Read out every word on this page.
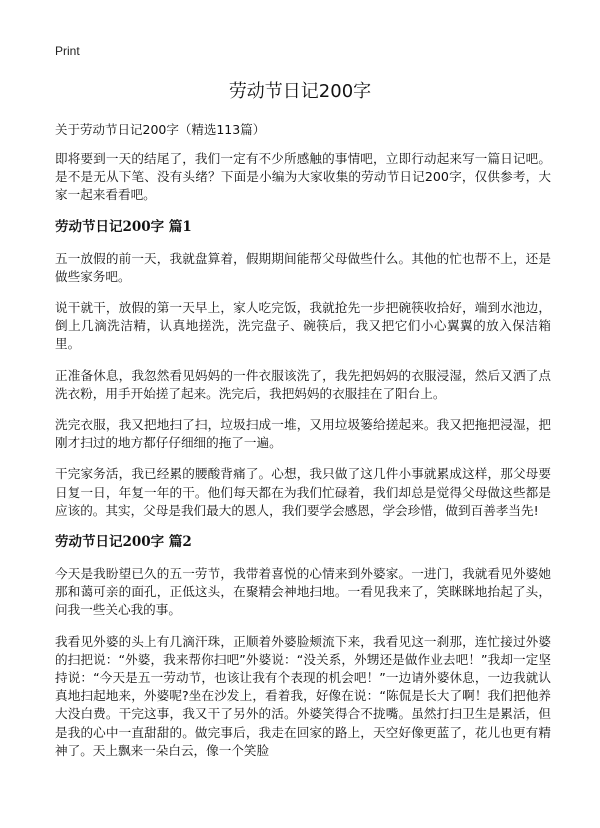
Print
劳动节日记200字
关于劳动节日记200字（精选113篇）

即将要到一天的结尾了，我们一定有不少所感触的事情吧，立即行动起来写一篇日记吧。是不是无从下笔、没有头绪？下面是小编为大家收集的劳动节日记200字，仅供参考，大家一起来看看吧。

劳动节日记200字 篇1

五一放假的前一天，我就盘算着，假期期间能帮父母做些什么。其他的忙也帮不上，还是做些家务吧。

说干就干，放假的第一天早上，家人吃完饭，我就抢先一步把碗筷收拾好，端到水池边，倒上几滴洗洁精，认真地搓洗，洗完盘子、碗筷后，我又把它们小心翼翼的放入保洁箱里。

正准备休息，我忽然看见妈妈的一件衣服该洗了，我先把妈妈的衣服浸湿，然后又洒了点洗衣粉，用手开始搓了起来。洗完后，我把妈妈的衣服挂在了阳台上。

洗完衣服，我又把地扫了扫，垃圾扫成一堆，又用垃圾篓给搓起来。我又把拖把浸湿，把刚才扫过的地方都仔仔细细的拖了一遍。

干完家务活，我已经累的腰酸背痛了。心想，我只做了这几件小事就累成这样，那父母要日复一日，年复一年的干。他们每天都在为我们忙碌着，我们却总是觉得父母做这些都是应该的。其实，父母是我们最大的恩人，我们要学会感恩，学会珍惜，做到百善孝当先!

劳动节日记200字 篇2

今天是我盼望已久的五一劳节，我带着喜悦的心情来到外婆家。一进门，我就看见外婆她那和蔼可亲的面孔，正低这头，在聚精会神地扫地。一看见我来了，笑眯眯地抬起了头，问我一些关心我的事。

我看见外婆的头上有几滴汗珠，正顺着外婆脸颊流下来，我看见这一刹那，连忙接过外婆的扫把说：“外婆，我来帮你扫吧”外婆说：“没关系，外甥还是做作业去吧！”我却一定坚持说：“今天是五一劳动节，也该让我有个表现的机会吧！”一边请外婆休息，一边我就认真地扫起地来，外婆呢?坐在沙发上，看着我，好像在说：“陈侃是长大了啊！我们把他养大没白费。干完这事，我又干了另外的活。外婆笑得合不拢嘴。虽然打扫卫生是累活，但是我的心中一直甜甜的。做完事后，我走在回家的路上，天空好像更蓝了，花儿也更有精神了。天上飘来一朵白云，像一个笑脸
